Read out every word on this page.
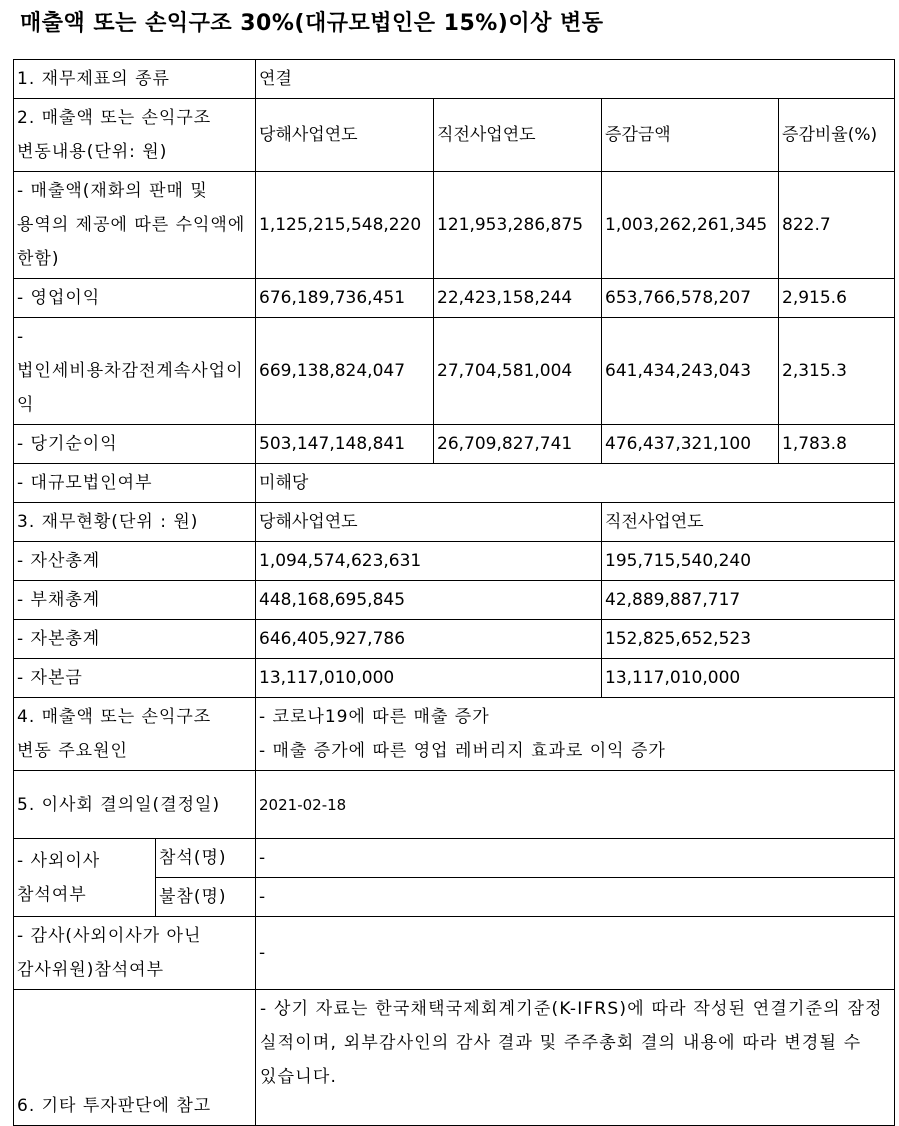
매출액 또는 손익구조 30%(대규모법인은 15%)이상 변동
1. 재무제표의 종류		연결			
2. 매출액 또는 손익구조 변동내용(단위: 원)		당해사업연도	직전사업연도	증감금액	증감비율(%)
- 매출액(재화의 판매 및 용역의 제공에 따른 수익액에 한함)		1,125,215,548,220	121,953,286,875	1,003,262,261,345	822.7
- 영업이익		676,189,736,451	22,423,158,244	653,766,578,207	2,915.6
- 법인세비용차감전계속사업이익		669,138,824,047	27,704,581,004	641,434,243,043	2,315.3
- 당기순이익		503,147,148,841	26,709,827,741	476,437,321,100	1,783.8
- 대규모법인여부		미해당			
3. 재무현황(단위 : 원)		당해사업연도		직전사업연도	
- 자산총계		1,094,574,623,631		195,715,540,240	
- 부채총계		448,168,695,845		42,889,887,717	
- 자본총계		646,405,927,786		152,825,652,523	
- 자본금		13,117,010,000		13,117,010,000	
4. 매출액 또는 손익구조 변동 주요원인		- 코로나19에 따른 매출 증가
- 매출 증가에 따른 영업 레버리지 효과로 이익 증가			

5. 이사회 결의일(결정일)		2021-02-18			
- 사외이사 참석여부	참석(명)	-			
	불참(명)	-			
- 감사(사외이사가 아닌 감사위원)참석여부		-			
6. 기타 투자판단에 참고		- 상기 자료는 한국채택국제회계기준(K-IFRS)에 따라 작성된 연결기준의 잠정 실적이며, 외부감사인의 감사 결과 및 주주총회 결의 내용에 따라 변경될 수 있습니다.			
